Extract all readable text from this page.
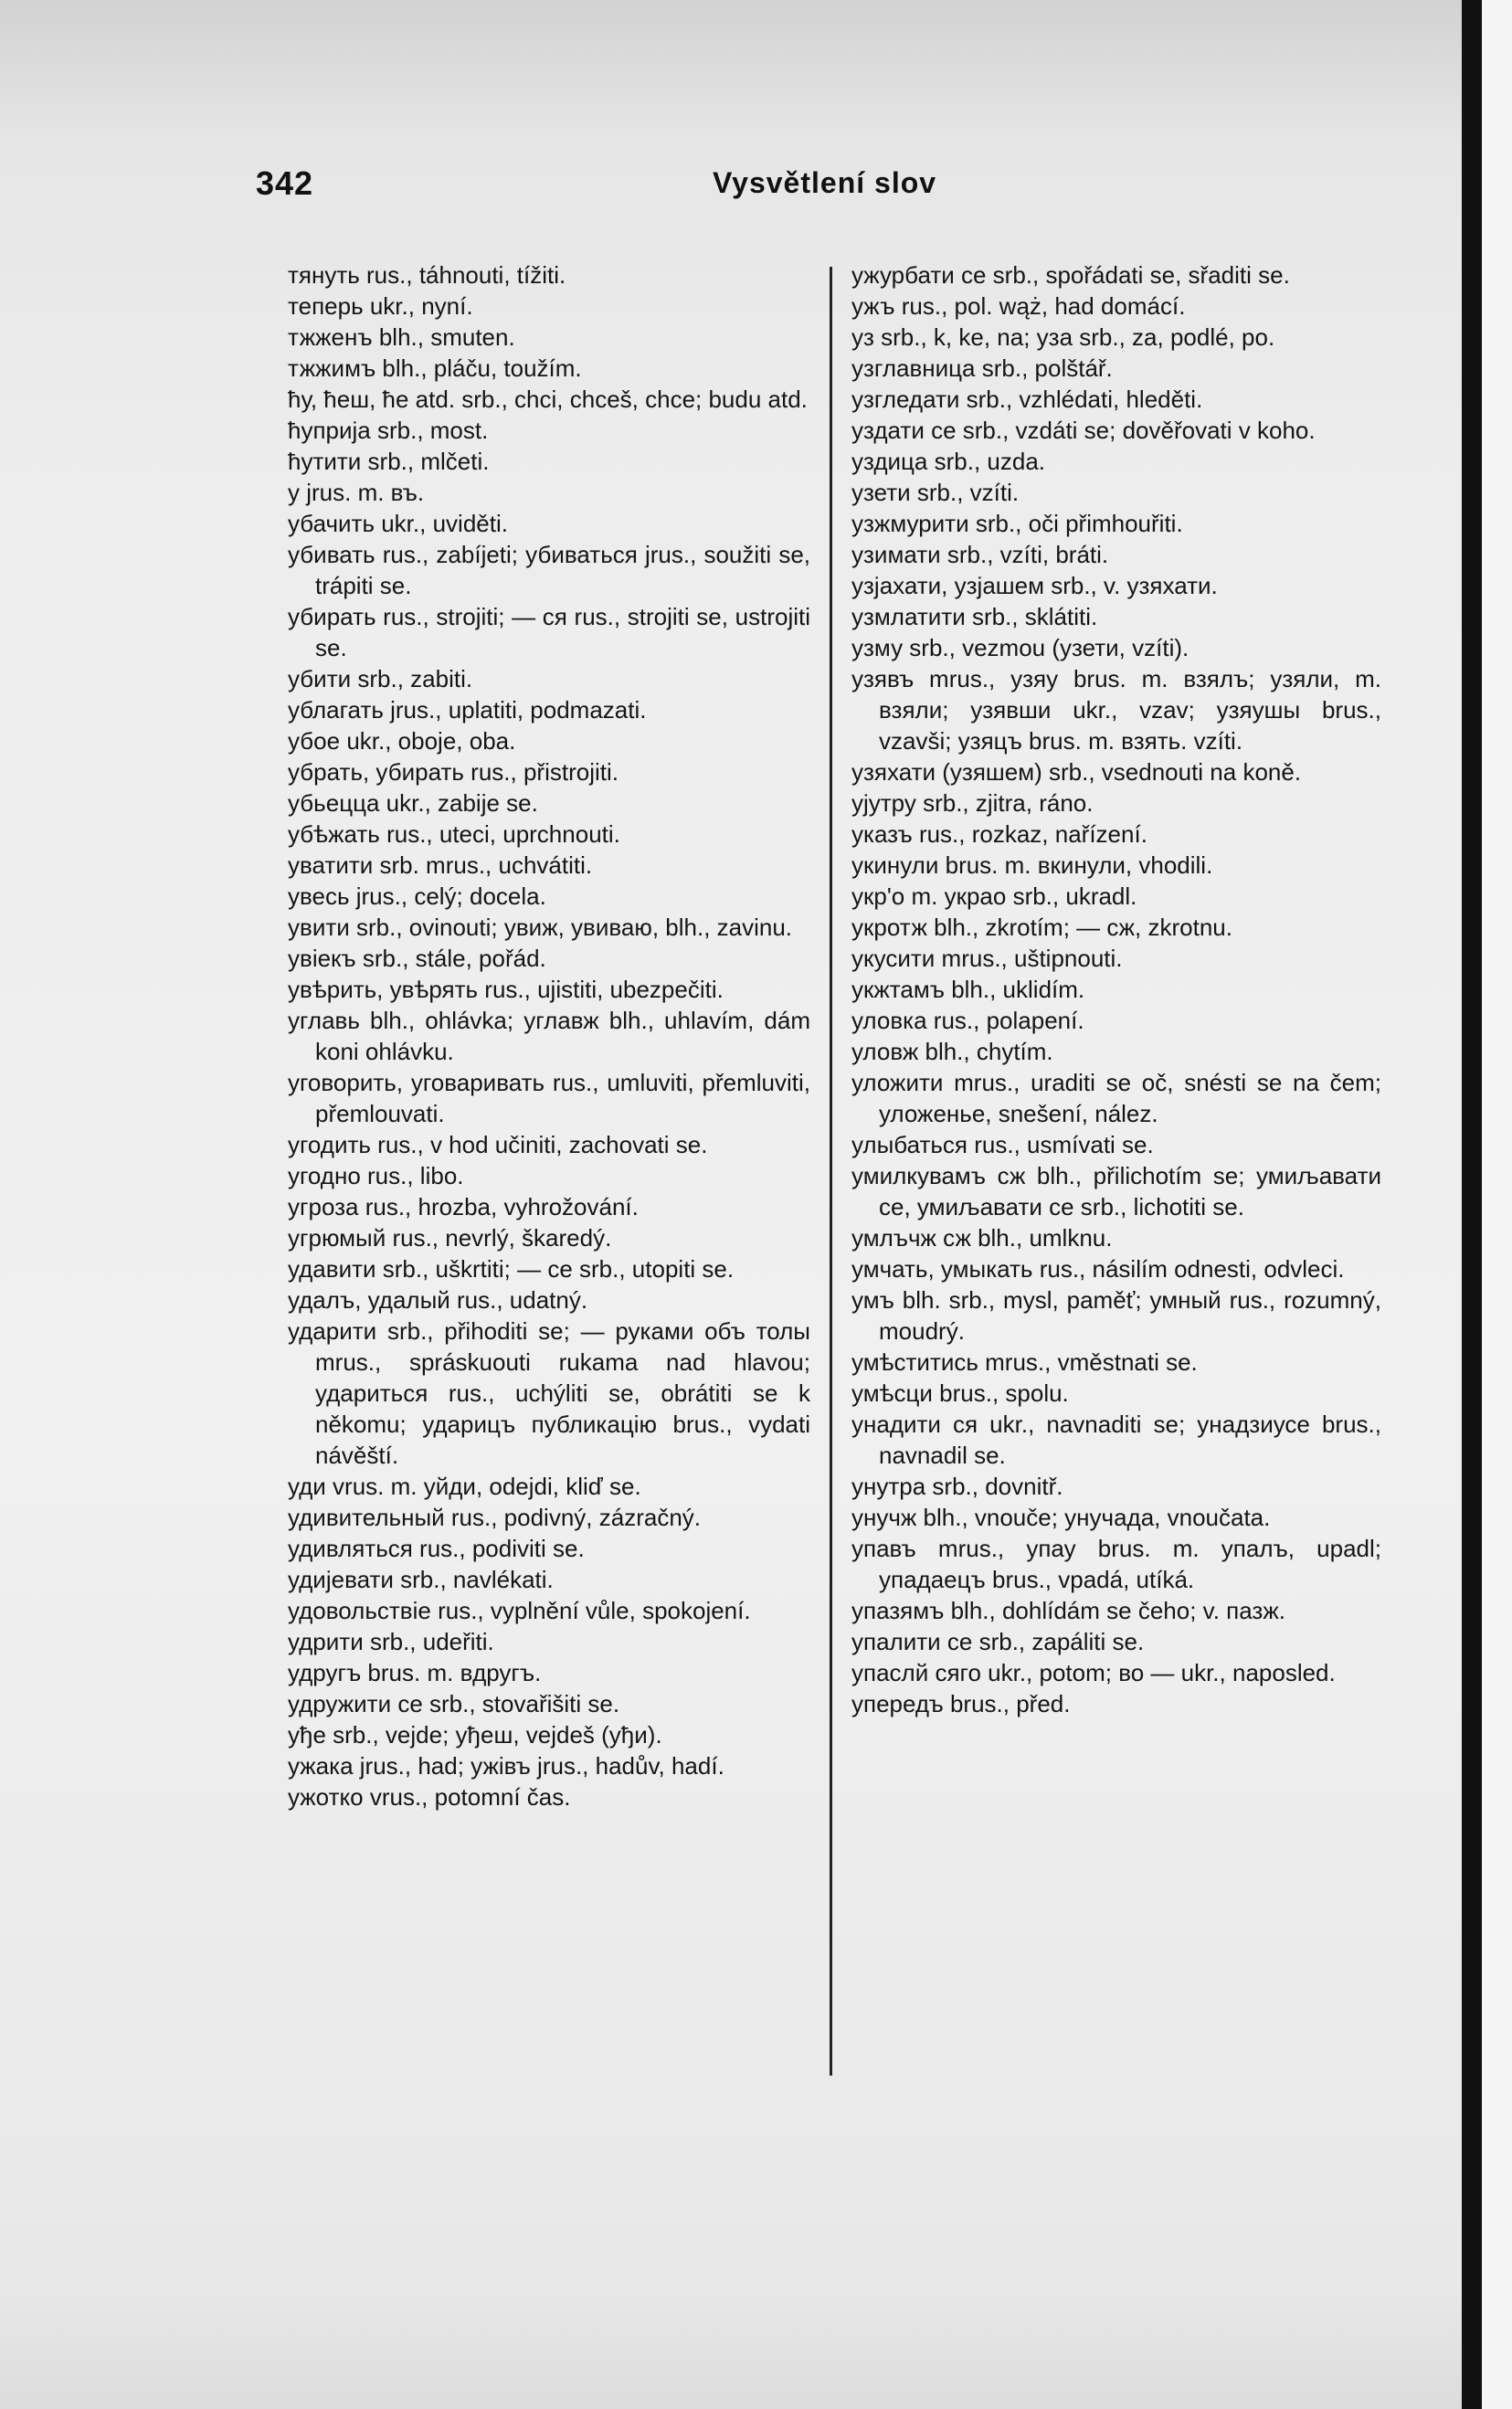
342	Vysvětlení slov

тянуть rus., táhnouti, tížiti.

теперь ukr., nyní.

тжженъ blh., smuten.

тжжимъ blh., pláču, toužím.

ћу, ћеш, ће atd. srb., chci, chceš, chce; budu atd.

ћуприја srb., most.

ћутити srb., mlčeti.

у jrus. m. въ.

убачить ukr., uviděti.

убивать rus., zabíjeti; убиваться jrus., soužiti se, trápiti se.

убирать rus., strojiti; — ся rus., strojiti se, ustrojiti se.

убити srb., zabiti.

ублагать jrus., uplatiti, podmazati.

убое ukr., oboje, oba.

убрать, убирать rus., přistrojiti.

убьецца ukr., zabije se.

убѣжать rus., uteci, uprchnouti.

уватити srb. mrus., uchvátiti.

увесь jrus., celý; docela.

увити srb., ovinouti; увиж, увиваю, blh., zavinu.

увiекъ srb., stále, pořád.

увѣрить, увѣрять rus., ujistiti, ubezpečiti.

углавь blh., ohlávka; углавж blh., uhlavím, dám koni ohlávku.

уговорить, уговаривать rus., umluviti, přemluviti, přemlouvati.

угодить rus., v hod učiniti, zachovati se.

угодно rus., libo.

угроза rus., hrozba, vyhrožování.

угрюмый rus., nevrlý, škaredý.

удавити srb., uškrtiti; — се srb., utopiti se.

удалъ, удалый rus., udatný.

ударити srb., přihoditi se; — руками объ толы mrus., spráskuouti rukama nad hlavou; удариться rus., uchýliti se, obrátiti se k někomu; ударицъ публикацію brus., vydati návěští.

уди vrus. m. уйди, odejdi, kliď se.

удивительный rus., podivný, zázračný.

удивляться rus., podiviti se.

удијевати srb., navlékati.

удовольствiе rus., vyplnění vůle, spokojení.

удрити srb., udeřiti.

удругъ brus. m. вдругъ.

удружити се srb., stovařišiti se.

уђе srb., vejde; уђеш, vejdeš (уђи).

ужака jrus., had; ужiвъ jrus., hadův, hadí.

ужотко vrus., potomní čas.

ужурбати се srb., spořádati se, sřaditi se.

ужъ rus., pol. wąż, had domácí.

уз srb., k, ke, na; уза srb., za, podlé, po.

узглавница srb., polštář.

узгледати srb., vzhlédati, hleděti.

уздати се srb., vzdáti se; dověřovati v koho.

уздица srb., uzda.

узети srb., vzíti.

узжмурити srb., oči přimhouřiti.

узимати srb., vzíti, bráti.

узјахати, узјашем srb., v. узяхати.

узмлатити srb., sklátiti.

узму srb., vezmou (узети, vzíti).

узявъ mrus., узяу brus. m. взялъ; узяли, m. взяли; узявши ukr., vzav; узяушы brus., vzavši; узяцъ brus. m. взять. vzíti.

узяхати (узяшем) srb., vsednouti na koně.

ујутру srb., zjitra, ráno.

указъ rus., rozkaz, nařízení.

укинули brus. m. вкинули, vhodili.

укр'о m. украо srb., ukradl.

укротж blh., zkrotím; — сж, zkrotnu.

укусити mrus., uštipnouti.

укжтамъ blh., uklidím.

уловка rus., polapení.

уловж blh., chytím.

уложити mrus., uraditi se oč, snésti se na čem; уложенье, snešení, nález.

улыбаться rus., usmívati se.

умилкувамъ сж blh., přilichotím se; умиљавати се, умиљавати се srb., lichotiti se.

умлъчж сж blh., umlknu.

умчать, умыкать rus., násilím odnesti, odvleci.

умъ blh. srb., mysl, paměť; умный rus., rozumný, moudrý.

умѣститись mrus., vměstnati se.

умѣсци brus., spolu.

унадити ся ukr., navnaditi se; унадзиусе brus., navnadil se.

унутра srb., dovnitř.

унучж blh., vnouče; унучада, vnoučata.

упавъ mrus., упау brus. m. упалъ, upadl; упадаецъ brus., vpadá, utíká.

упазямъ blh., dohlídám se čeho; v. пазж.

упалити се srb., zapáliti se.

упаслй сяго ukr., potom; во — ukr., naposled.

упередъ brus., před.
